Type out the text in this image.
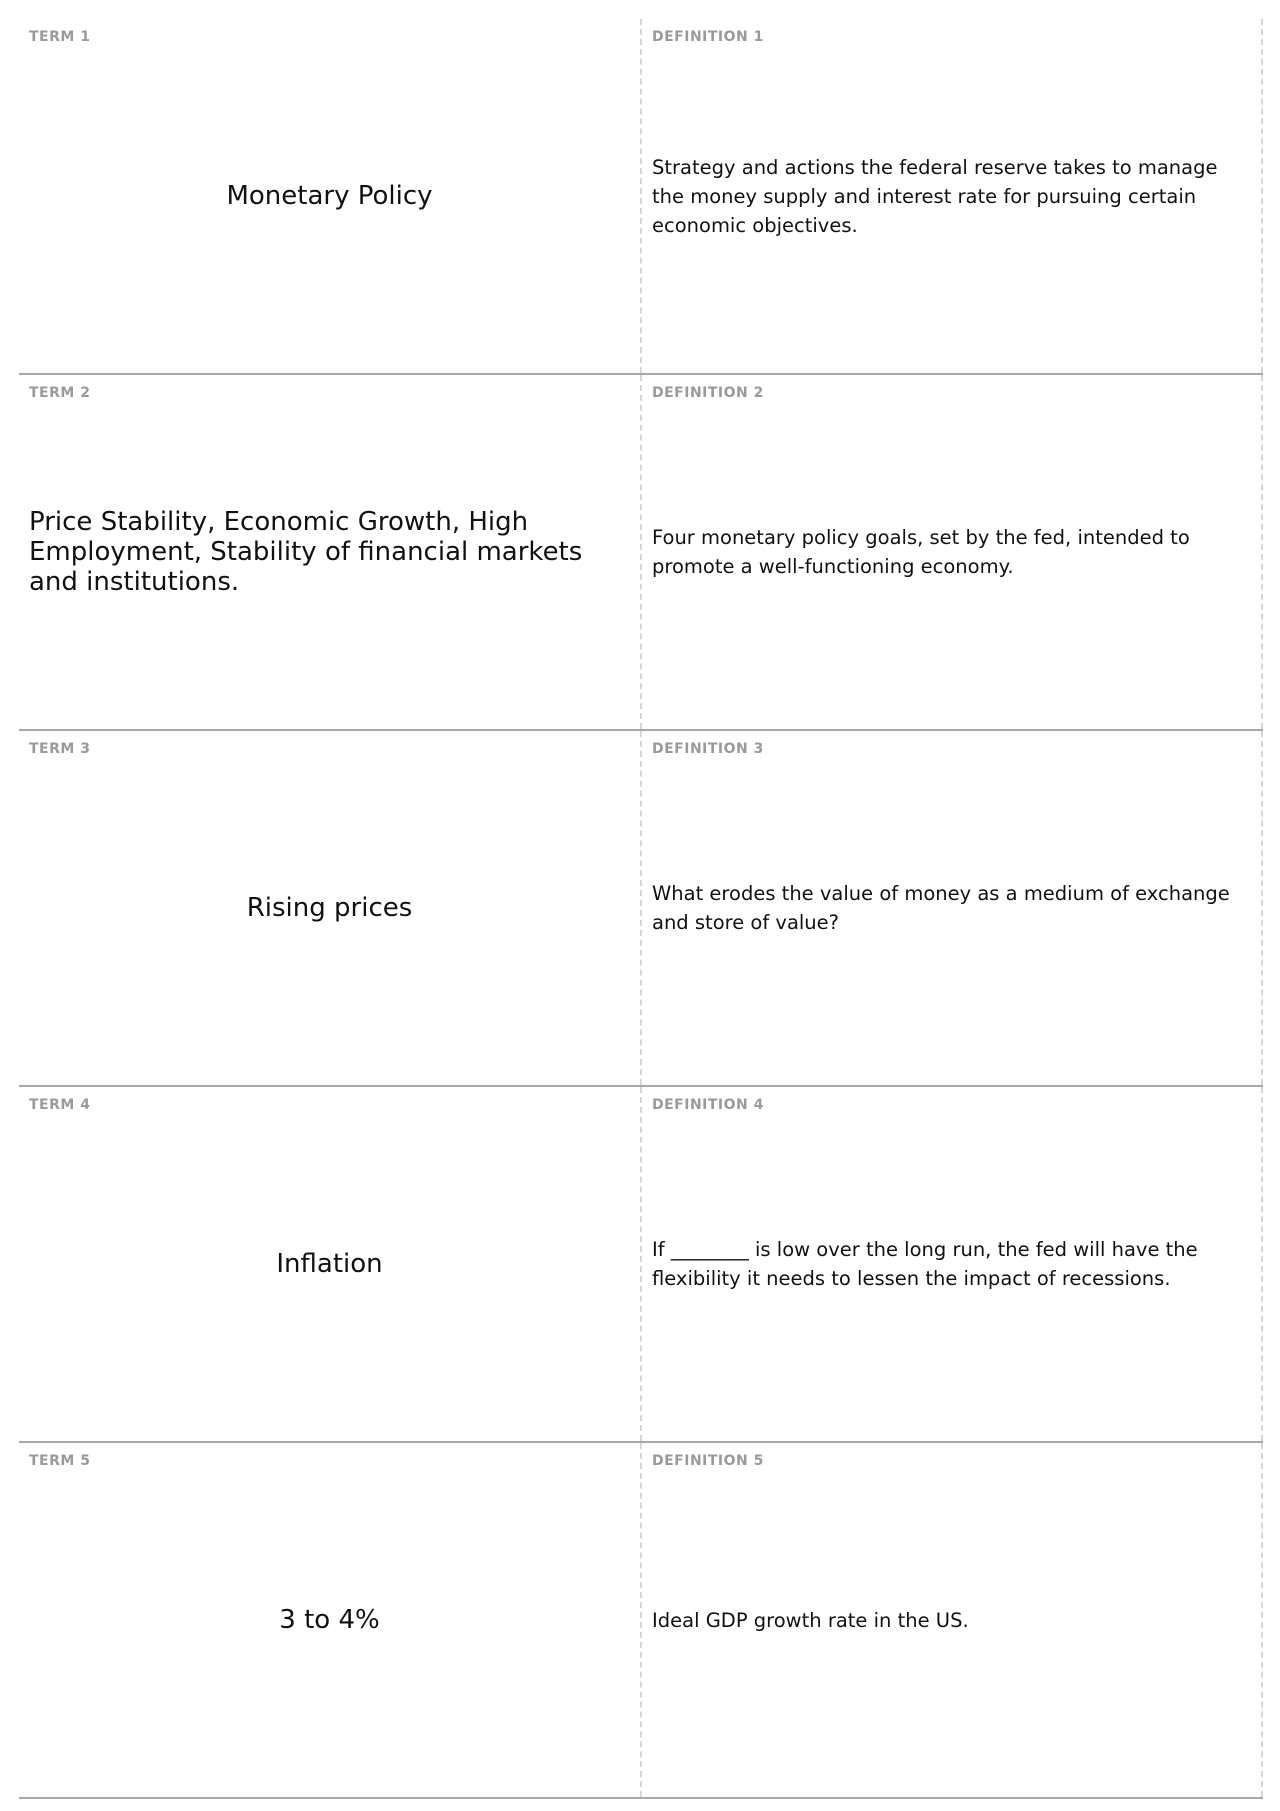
TERM 1
Monetary Policy
DEFINITION 1
Strategy and actions the federal reserve takes to manage the money supply and interest rate for pursuing certain economic objectives.
TERM 2
Price Stability, Economic Growth, High Employment, Stability of financial markets and institutions.
DEFINITION 2
Four monetary policy goals, set by the fed, intended to promote a well-functioning economy.
TERM 3
Rising prices
DEFINITION 3
What erodes the value of money as a medium of exchange and store of value?
TERM 4
Inflation
DEFINITION 4
If ________ is low over the long run, the fed will have the flexibility it needs to lessen the impact of recessions.
TERM 5
3 to 4%
DEFINITION 5
Ideal GDP growth rate in the US.
